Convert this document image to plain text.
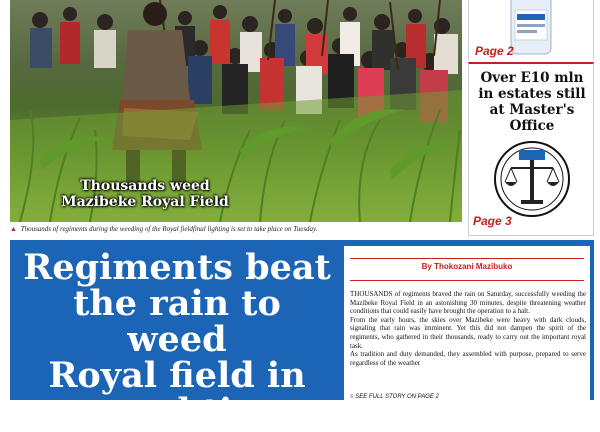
Thousands weed
Mazibekе Royal Field
▲ Thousands of regiments during the weeding of the Royal fieldfinal lighting is set to take place on Tuesday.
Page 2
Over E10 mln
in estates still
at Master's
Office
Page 3
Regiments beat
the rain to weed
Royal field in
record time
By Thokozani Mazibuko

THOUSANDS of regiments braved the rain on Saturday, successfully weeding the Mazibeke Royal Field in an astonishing 30 minutes, despite threatening weather conditions that could easily have brought the operation to a halt.

From the early hours, the skies over Mazibeke were heavy with dark clouds, signaling that rain was imminent. Yet this did not dampen the spirit of the regiments, who gathered in their thousands, ready to carry out the important royal task.

As tradition and duty demanded, they assembled with purpose, prepared to serve regardless of the weather

≡ SEE FULL STORY ON PAGE 2
